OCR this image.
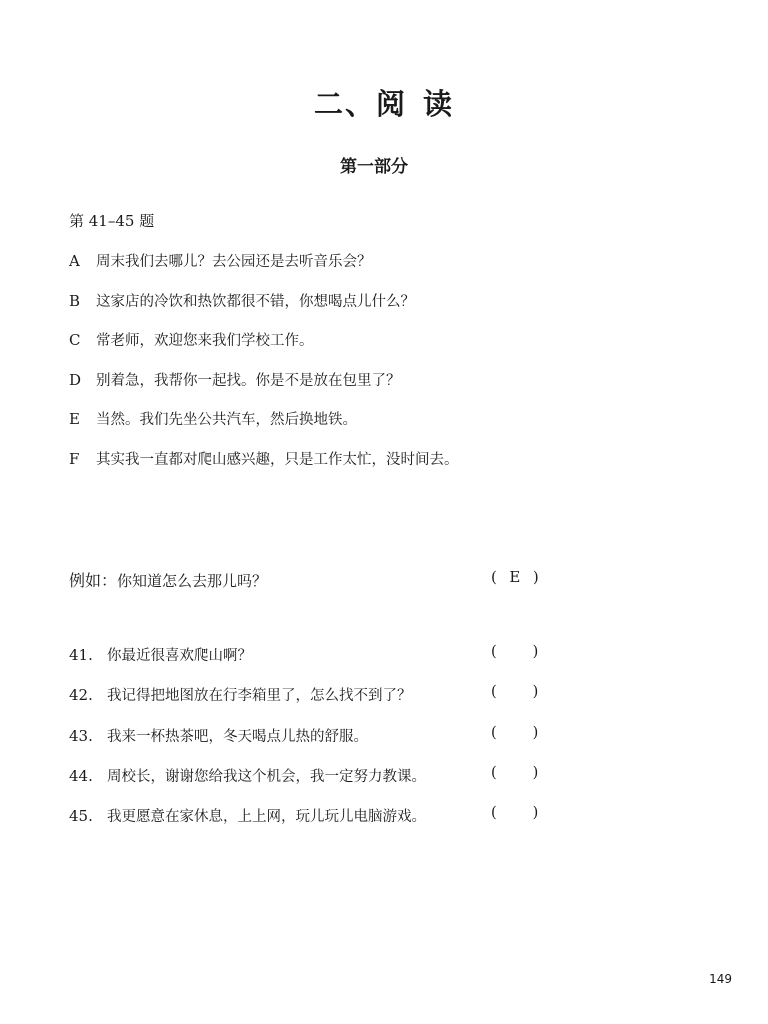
二、阅 读
第一部分
第 41–45 题
A 周末我们去哪儿？去公园还是去听音乐会？
B 这家店的冷饮和热饮都很不错，你想喝点儿什么？
C 常老师，欢迎您来我们学校工作。
D 别着急，我帮你一起找。你是不是放在包里了？
E 当然。我们先坐公共汽车，然后换地铁。
F 其实我一直都对爬山感兴趣，只是工作太忙，没时间去。
例如：你知道怎么去那儿吗？	( E )
41. 你最近很喜欢爬山啊？	( )
42. 我记得把地图放在行李箱里了，怎么找不到了？	( )
43. 我来一杯热茶吧，冬天喝点儿热的舒服。	( )
44. 周校长，谢谢您给我这个机会，我一定努力教课。	( )
45. 我更愿意在家休息，上上网，玩儿玩儿电脑游戏。	( )
149
